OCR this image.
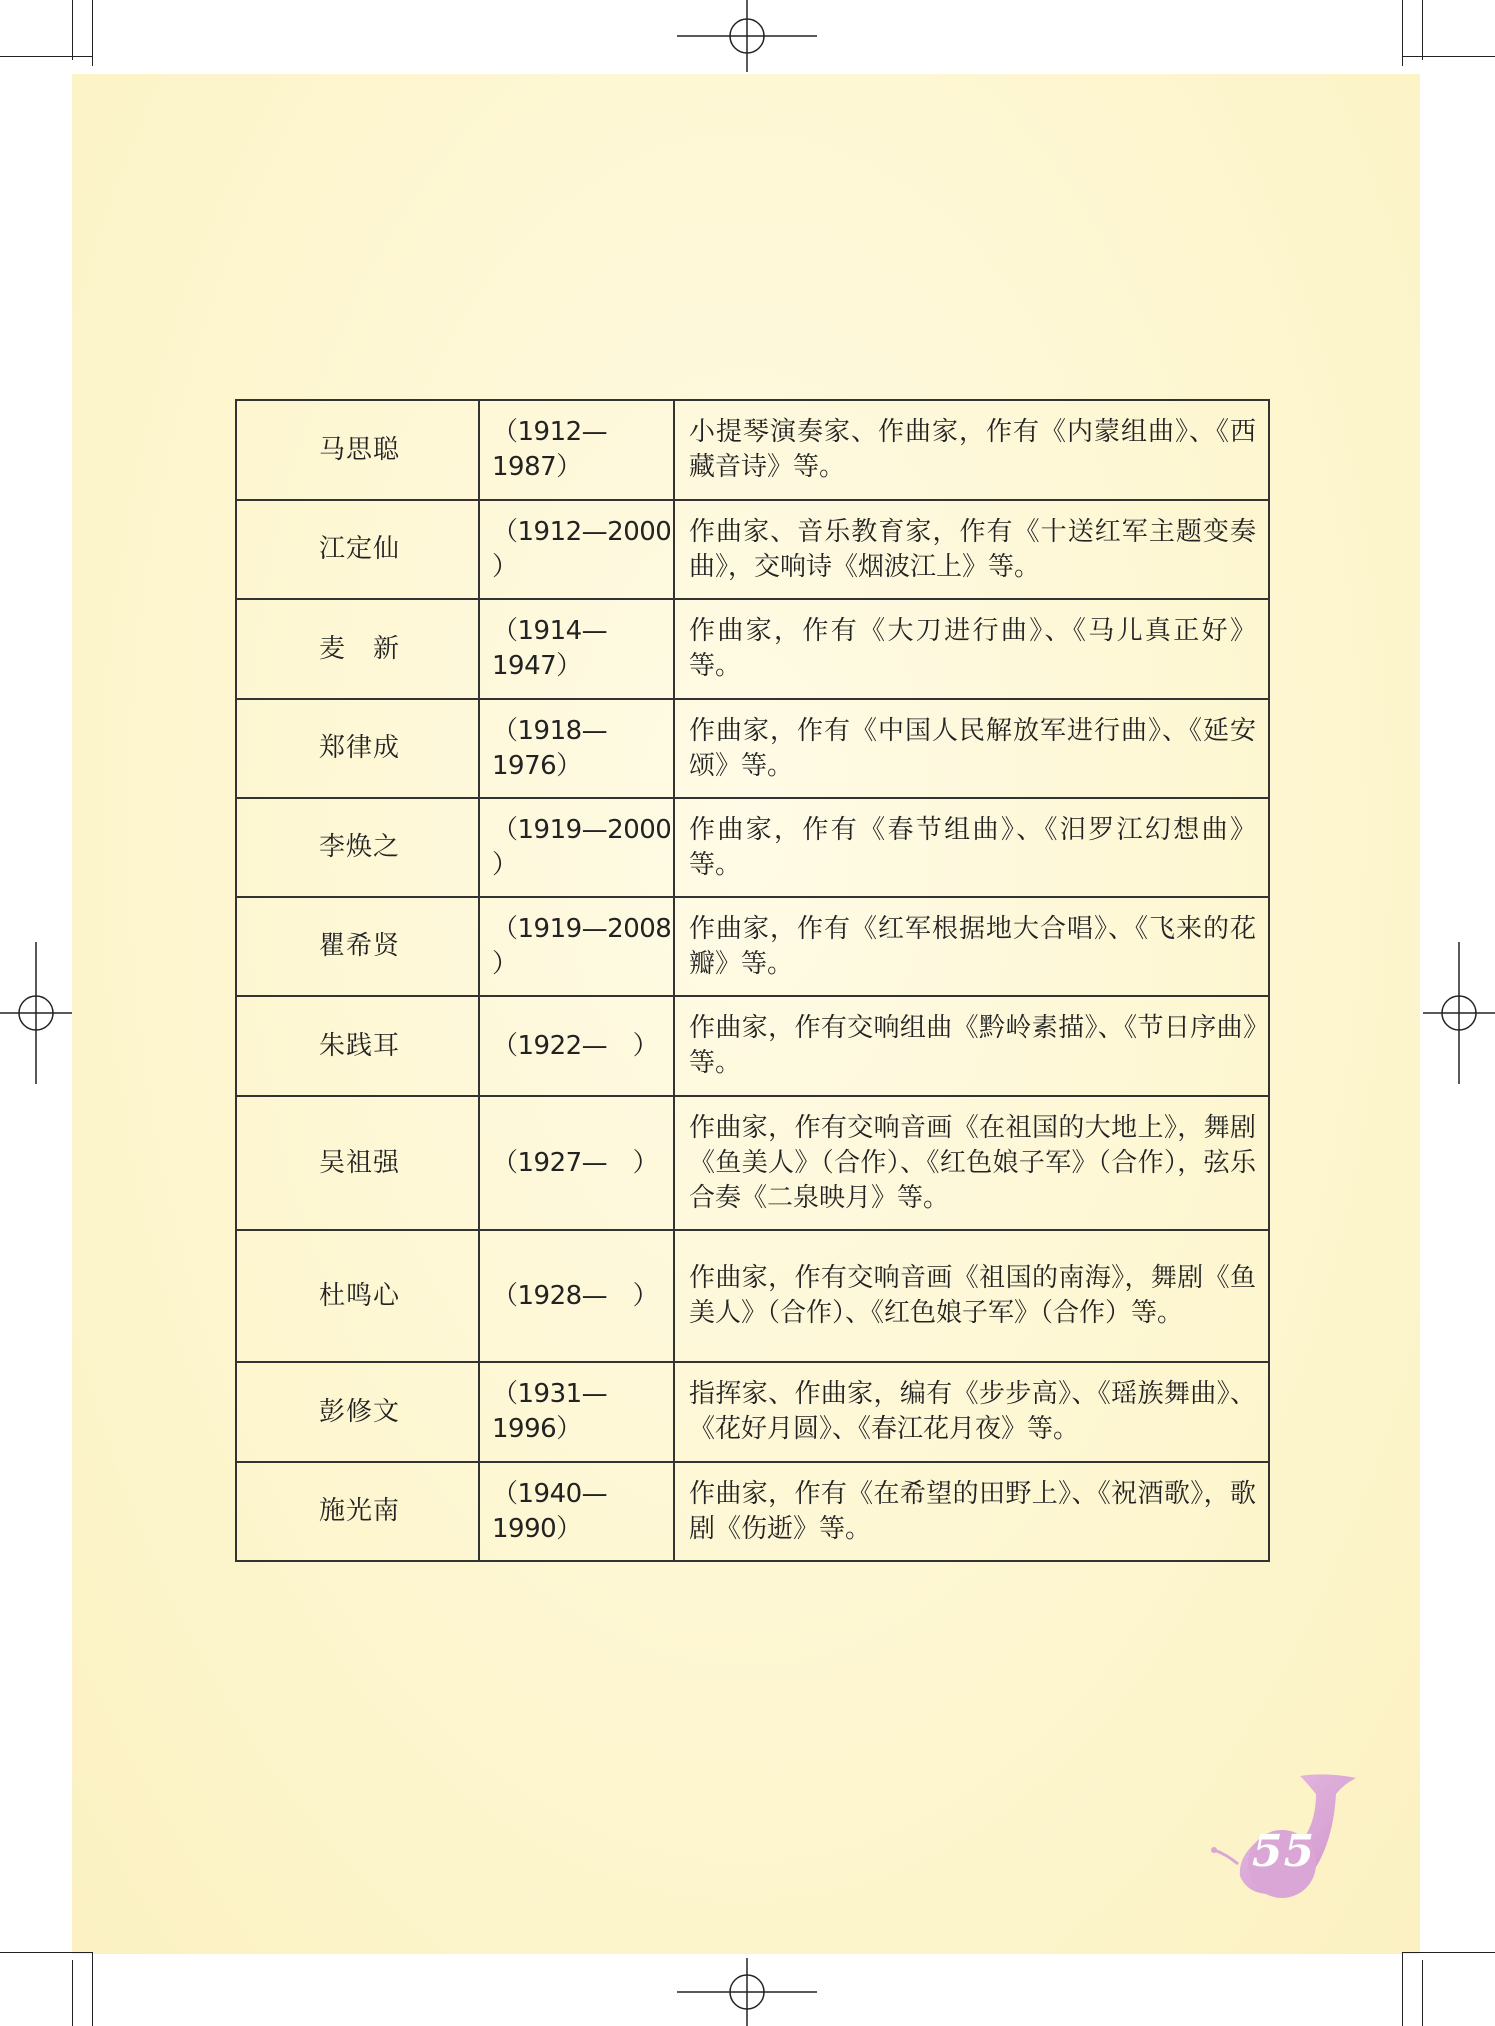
马思聪	（1912—1987）	小提琴演奏家、作曲家，作有《内蒙组曲》、《西藏音诗》等。
江定仙	（1912—2000 ）	作曲家、音乐教育家，作有《十送红军主题变奏曲》，交响诗《烟波江上》等。
麦　新	（1914—1947）	作曲家，作有《大刀进行曲》、《马儿真正好》等。
郑律成	（1918—1976）	作曲家，作有《中国人民解放军进行曲》、《延安颂》等。
李焕之	（1919—2000 ）	作曲家，作有《春节组曲》、《汨罗江幻想曲》等。
瞿希贤	（1919—2008 ）	作曲家，作有《红军根据地大合唱》、《飞来的花瓣》等。
朱践耳	（1922—　）	作曲家，作有交响组曲《黔岭素描》、《节日序曲》等。
吴祖强	（1927—　）	作曲家，作有交响音画《在祖国的大地上》，舞剧《鱼美人》（合作）、《红色娘子军》（合作），弦乐合奏《二泉映月》等。
杜鸣心	（1928—　）	作曲家，作有交响音画《祖国的南海》，舞剧《鱼美人》（合作）、《红色娘子军》（合作）等。
彭修文	（1931—1996）	指挥家、作曲家，编有《步步高》、《瑶族舞曲》、《花好月圆》、《春江花月夜》等。
施光南	（1940—1990）	作曲家，作有《在希望的田野上》、《祝酒歌》，歌剧《伤逝》等。
55
